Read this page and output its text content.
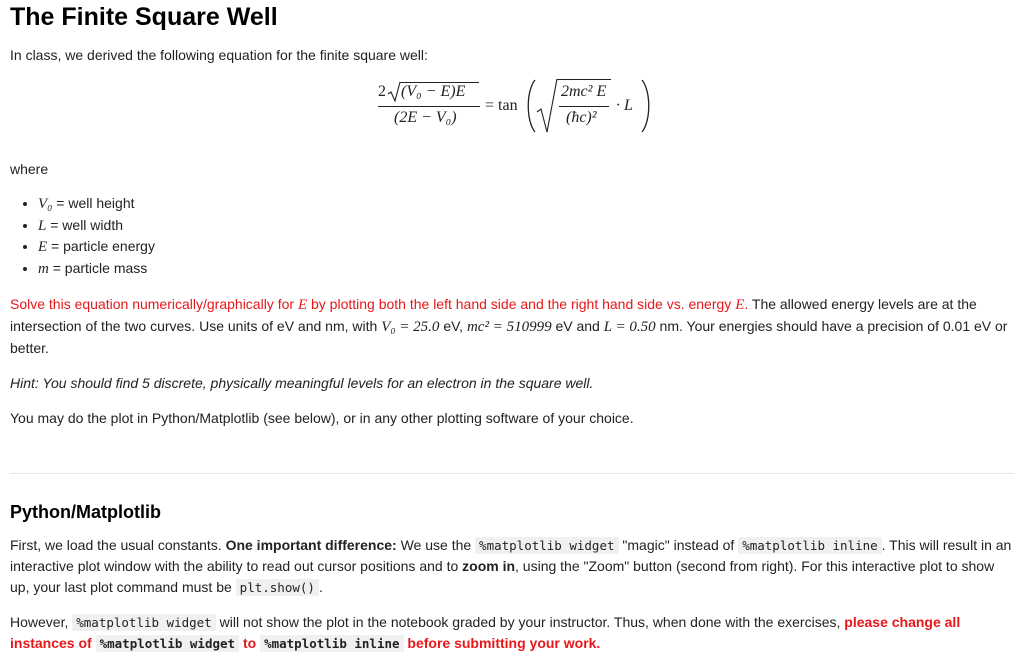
The Finite Square Well

In class, we derived the following equation for the finite square well:

where

• V₀ = well height
• L = well width
• E = particle energy
• m = particle mass

Solve this equation numerically/graphically for E by plotting both the left hand side and the right hand side vs. energy E. The allowed energy levels are at the intersection of the two curves. Use units of eV and nm, with V₀ = 25.0 eV, mc² = 510999 eV and L = 0.50 nm. Your energies should have a precision of 0.01 eV or better.

Hint: You should find 5 discrete, physically meaningful levels for an electron in the square well.

You may do the plot in Python/Matplotlib (see below), or in any other plotting software of your choice.

Python/Matplotlib

First, we load the usual constants. One important difference: We use the %matplotlib widget "magic" instead of %matplotlib inline . This will result in an interactive plot window with the ability to read out cursor positions and to zoom in, using the "Zoom" button (second from right). For this interactive plot to show up, your last plot command must be plt.show() .

However, %matplotlib widget will not show the plot in the notebook graded by your instructor. Thus, when done with the exercises, please change all instances of %matplotlib widget to %matplotlib inline before submitting your work.

2 (V₀ − E)E
(2E − V₀)
= tan
2mc² E
(ħc)²
· L
